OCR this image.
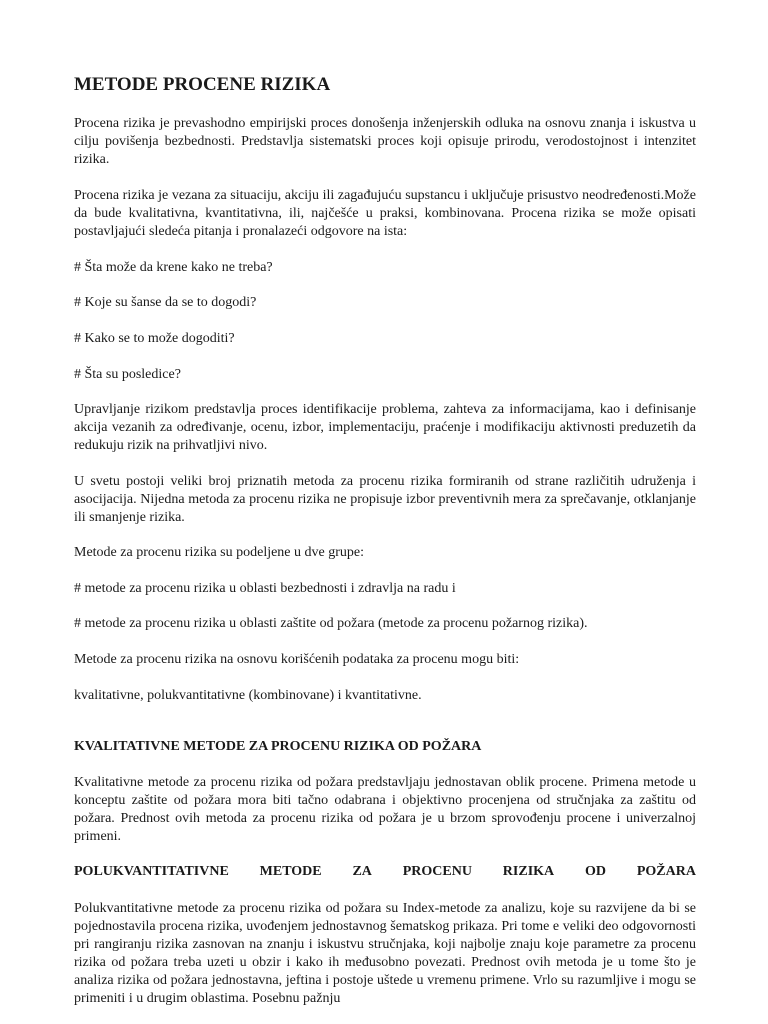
METODE PROCENE RIZIKA

Procena rizika je prevashodno empirijski proces donošenja inženjerskih odluka na osnovu znanja i iskustva u cilju povišenja bezbednosti. Predstavlja sistematski proces koji opisuje prirodu, verodostojnost i intenzitet rizika.

Procena rizika je vezana za situaciju, akciju ili zagađujuću supstancu i uključuje prisustvo neodređenosti.Može da bude kvalitativna, kvantitativna, ili, najčešće u praksi, kombinovana. Procena rizika se može opisati postavljajući sledeća pitanja i pronalazeći odgovore na ista:

# Šta može da krene kako ne treba?

# Koje su šanse da se to dogodi?

# Kako se to može dogoditi?

# Šta su posledice?

Upravljanje rizikom predstavlja proces identifikacije problema, zahteva za informacijama, kao i definisanje akcija vezanih za određivanje, ocenu, izbor, implementaciju, praćenje i modifikaciju aktivnosti preduzetih da redukuju rizik na prihvatljivi nivo.

U svetu postoji veliki broj priznatih metoda za procenu rizika formiranih od strane različitih udruženja i asocijacija. Nijedna metoda za procenu rizika ne propisuje izbor preventivnih mera za sprečavanje, otklanjanje ili smanjenje rizika.

Metode za procenu rizika su podeljene u dve grupe:

# metode za procenu rizika u oblasti bezbednosti i zdravlja na radu i

# metode za procenu rizika u oblasti zaštite od požara (metode za procenu požarnog rizika).

Metode za procenu rizika na osnovu korišćenih podataka za procenu mogu biti:

kvalitativne, polukvantitativne (kombinovane) i kvantitativne.

KVALITATIVNE METODE ZA PROCENU RIZIKA OD POŽARA

Kvalitativne metode za procenu rizika od požara predstavljaju jednostavan oblik procene. Primena metode u konceptu zaštite od požara mora biti tačno odabrana i objektivno procenjena od stručnjaka za zaštitu od požara. Prednost ovih metoda za procenu rizika od požara je u brzom sprovođenju procene i univerzalnoj primeni.

POLUKVANTITATIVNE METODE ZA PROCENU RIZIKA OD POŽARA

Polukvantitativne metode za procenu rizika od požara su Index-metode za analizu, koje su razvijene da bi se pojednostavila procena rizika, uvođenjem jednostavnog šematskog prikaza. Pri tome e veliki deo odgovornosti pri rangiranju rizika zasnovan na znanju i iskustvu stručnjaka, koji najbolje znaju koje parametre za procenu rizika od požara treba uzeti u obzir i kako ih međusobno povezati. Prednost ovih metoda je u tome što je analiza rizika od požara jednostavna, jeftina i postoje uštede u vremenu primene. Vrlo su razumljive i mogu se primeniti i u drugim oblastima. Posebnu pažnju
